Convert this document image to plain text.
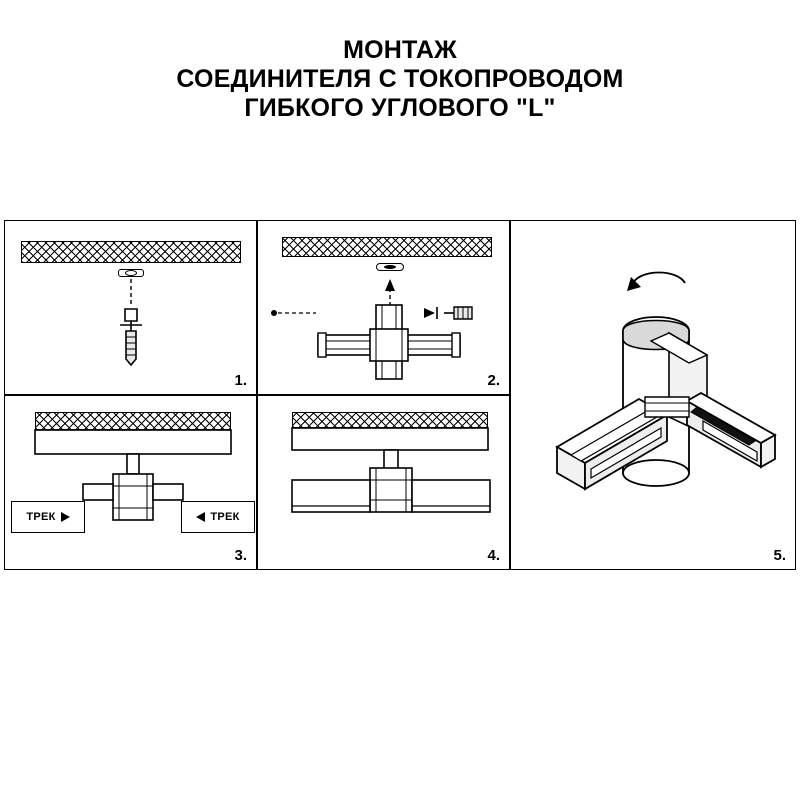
МОНТАЖ
СОЕДИНИТЕЛЯ С ТОКОПРОВОДОМ
ГИБКОГО УГЛОВОГО "L"
1.	2.
ТРЕК	ТРЕК
3.	4.	5.
